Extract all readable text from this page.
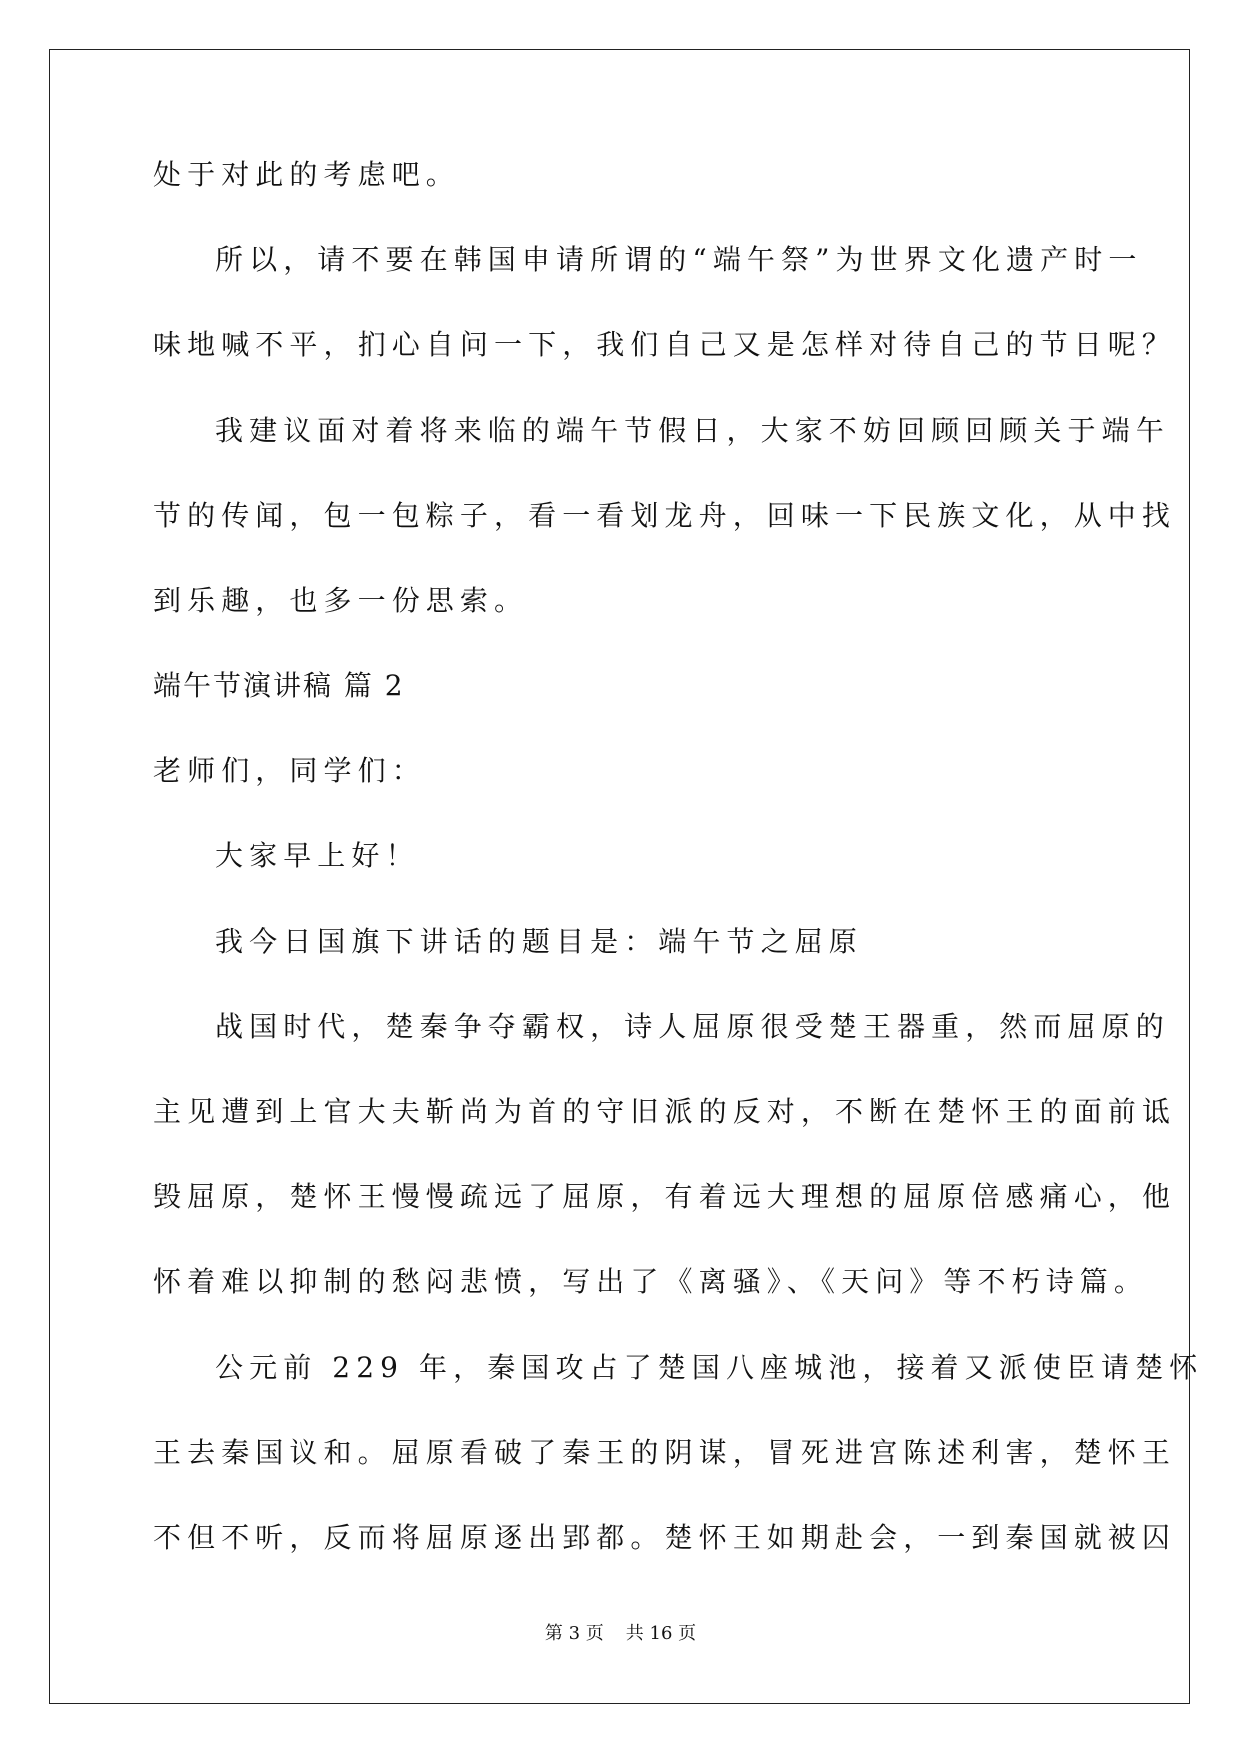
处于对此的考虑吧。
所以，请不要在韩国申请所谓的“端午祭”为世界文化遗产时一
味地喊不平，扪心自问一下，我们自己又是怎样对待自己的节日呢？
我建议面对着将来临的端午节假日，大家不妨回顾回顾关于端午
节的传闻，包一包粽子，看一看划龙舟，回味一下民族文化，从中找
到乐趣，也多一份思索。
端午节演讲稿 篇 2
老师们，同学们：
大家早上好！
我今日国旗下讲话的题目是：端午节之屈原
战国时代，楚秦争夺霸权，诗人屈原很受楚王器重，然而屈原的
主见遭到上官大夫靳尚为首的守旧派的反对，不断在楚怀王的面前诋
毁屈原，楚怀王慢慢疏远了屈原，有着远大理想的屈原倍感痛心，他
怀着难以抑制的愁闷悲愤，写出了《离骚》、《天问》等不朽诗篇。
公元前 229 年，秦国攻占了楚国八座城池，接着又派使臣请楚怀
王去秦国议和。屈原看破了秦王的阴谋，冒死进宫陈述利害，楚怀王
不但不听，反而将屈原逐出郢都。楚怀王如期赴会，一到秦国就被囚
第 3 页 共 16 页
